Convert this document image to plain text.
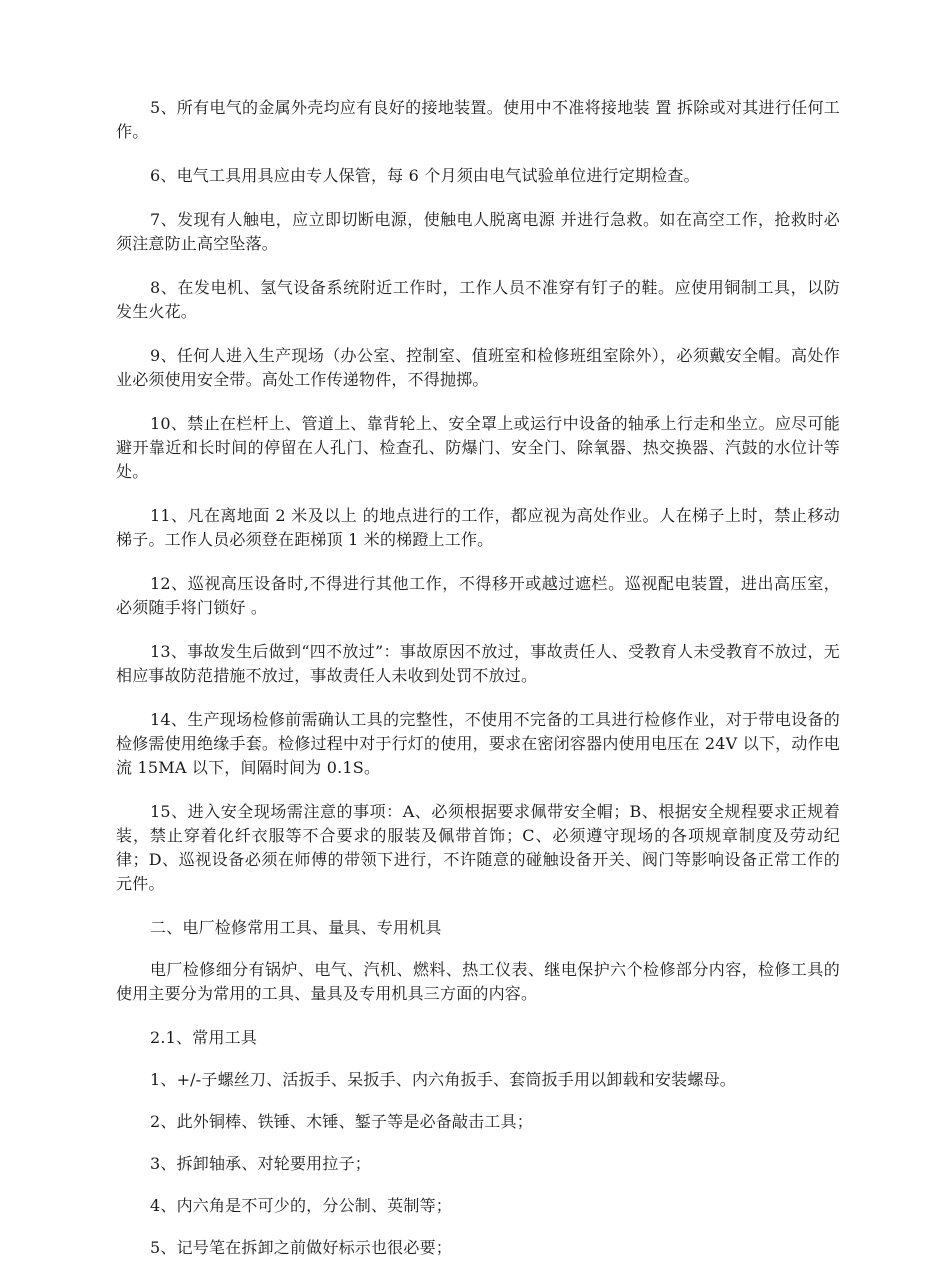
5、所有电气的金属外壳均应有良好的接地装置。使用中不准将接地装 置 拆除或对其进行任何工作。

6、电气工具用具应由专人保管，每 6 个月须由电气试验单位进行定期检查。

7、发现有人触电，应立即切断电源，使触电人脱离电源 并进行急救。如在高空工作，抢救时必须注意防止高空坠落。

8、在发电机、氢气设备系统附近工作时，工作人员不准穿有钉子的鞋。应使用铜制工具，以防发生火花。

9、任何人进入生产现场（办公室、控制室、值班室和检修班组室除外），必须戴安全帽。高处作业必须使用安全带。高处工作传递物件，不得抛掷。

10、禁止在栏杆上、管道上、靠背轮上、安全罩上或运行中设备的轴承上行走和坐立。应尽可能避开靠近和长时间的停留在人孔门、检查孔、防爆门、安全门、除氧器、热交换器、汽鼓的水位计等处。

11、凡在离地面 2 米及以上 的地点进行的工作，都应视为高处作业。人在梯子上时，禁止移动梯子。工作人员必须登在距梯顶 1 米的梯蹬上工作。

12、巡视高压设备时,不得进行其他工作，不得移开或越过遮栏。巡视配电装置，进出高压室，必须随手将门锁好 。

13、事故发生后做到“四不放过”：事故原因不放过，事故责任人、受教育人未受教育不放过，无相应事故防范措施不放过，事故责任人未收到处罚不放过。

14、生产现场检修前需确认工具的完整性，不使用不完备的工具进行检修作业，对于带电设备的检修需使用绝缘手套。检修过程中对于行灯的使用，要求在密闭容器内使用电压在 24V 以下，动作电流 15MA 以下，间隔时间为 0.1S。

15、进入安全现场需注意的事项：A、必须根据要求佩带安全帽；B、根据安全规程要求正规着装，禁止穿着化纤衣服等不合要求的服装及佩带首饰；C、必须遵守现场的各项规章制度及劳动纪律；D、巡视设备必须在师傅的带领下进行，不许随意的碰触设备开关、阀门等影响设备正常工作的元件。

二、电厂检修常用工具、量具、专用机具

电厂检修细分有锅炉、电气、汽机、燃料、热工仪表、继电保护六个检修部分内容，检修工具的使用主要分为常用的工具、量具及专用机具三方面的内容。

2.1、常用工具

1、+/-子螺丝刀、活扳手、呆扳手、内六角扳手、套筒扳手用以卸载和安装螺母。

2、此外铜棒、铁锤、木锤、錾子等是必备敲击工具；

3、拆卸轴承、对轮要用拉子；

4、内六角是不可少的，分公制、英制等；

5、记号笔在拆卸之前做好标示也很必要；
